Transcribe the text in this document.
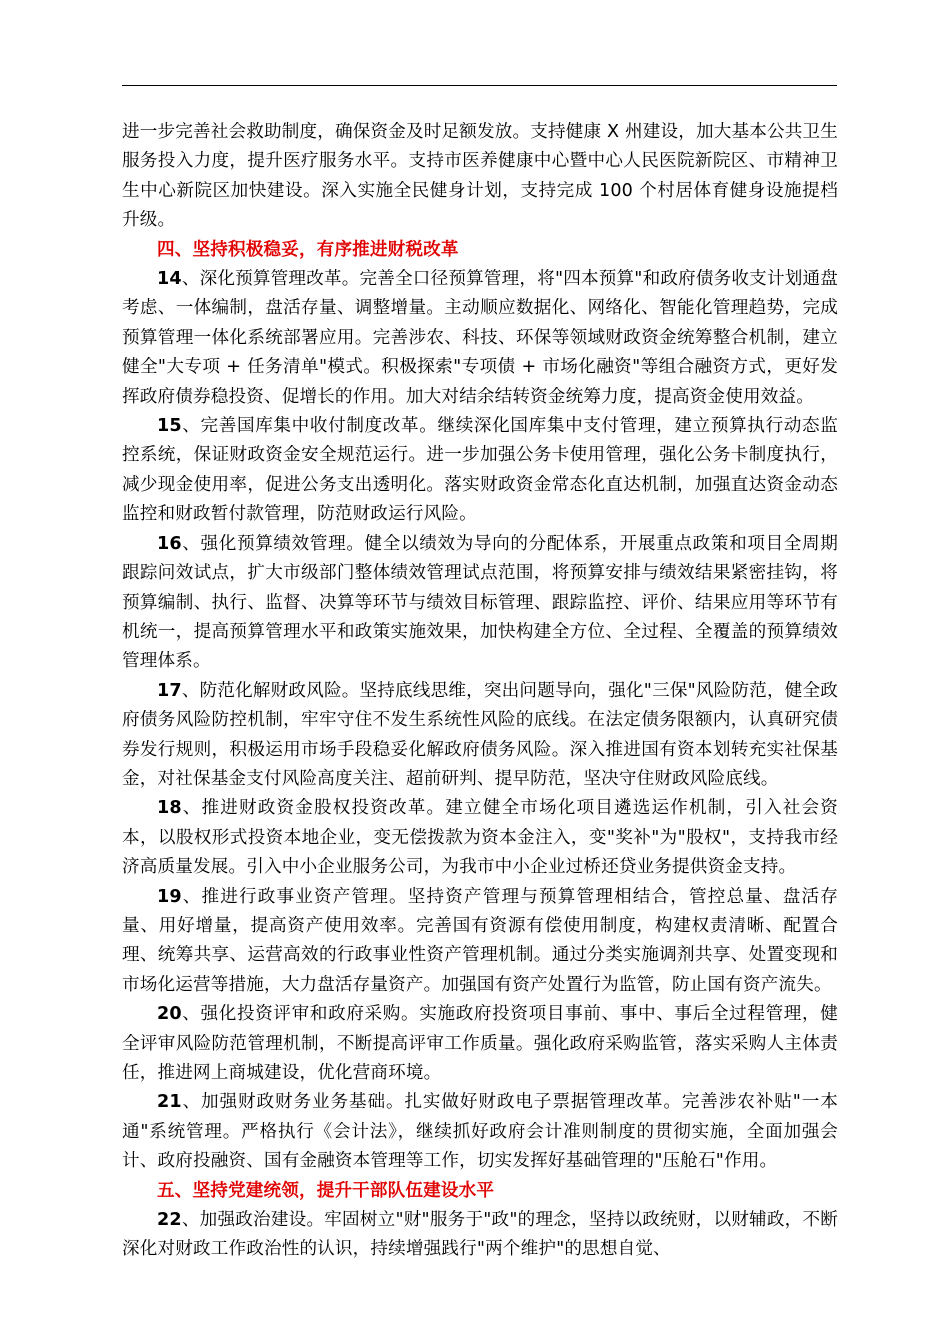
进一步完善社会救助制度，确保资金及时足额发放。支持健康 X 州建设，加大基本公共卫生服务投入力度，提升医疗服务水平。支持市医养健康中心暨中心人民医院新院区、市精神卫生中心新院区加快建设。深入实施全民健身计划，支持完成 100 个村居体育健身设施提档升级。

四、坚持积极稳妥，有序推进财税改革

14、深化预算管理改革。完善全口径预算管理，将"四本预算"和政府债务收支计划通盘考虑、一体编制，盘活存量、调整增量。主动顺应数据化、网络化、智能化管理趋势，完成预算管理一体化系统部署应用。完善涉农、科技、环保等领域财政资金统筹整合机制，建立健全"大专项 + 任务清单"模式。积极探索"专项债 + 市场化融资"等组合融资方式，更好发挥政府债券稳投资、促增长的作用。加大对结余结转资金统筹力度，提高资金使用效益。

15、完善国库集中收付制度改革。继续深化国库集中支付管理，建立预算执行动态监控系统，保证财政资金安全规范运行。进一步加强公务卡使用管理，强化公务卡制度执行，减少现金使用率，促进公务支出透明化。落实财政资金常态化直达机制，加强直达资金动态监控和财政暂付款管理，防范财政运行风险。

16、强化预算绩效管理。健全以绩效为导向的分配体系，开展重点政策和项目全周期跟踪问效试点，扩大市级部门整体绩效管理试点范围，将预算安排与绩效结果紧密挂钩，将预算编制、执行、监督、决算等环节与绩效目标管理、跟踪监控、评价、结果应用等环节有机统一，提高预算管理水平和政策实施效果，加快构建全方位、全过程、全覆盖的预算绩效管理体系。

17、防范化解财政风险。坚持底线思维，突出问题导向，强化"三保"风险防范，健全政府债务风险防控机制，牢牢守住不发生系统性风险的底线。在法定债务限额内，认真研究债券发行规则，积极运用市场手段稳妥化解政府债务风险。深入推进国有资本划转充实社保基金，对社保基金支付风险高度关注、超前研判、提早防范，坚决守住财政风险底线。

18、推进财政资金股权投资改革。建立健全市场化项目遴选运作机制，引入社会资本，以股权形式投资本地企业，变无偿拨款为资本金注入，变"奖补"为"股权"，支持我市经济高质量发展。引入中小企业服务公司，为我市中小企业过桥还贷业务提供资金支持。

19、推进行政事业资产管理。坚持资产管理与预算管理相结合，管控总量、盘活存量、用好增量，提高资产使用效率。完善国有资源有偿使用制度，构建权责清晰、配置合理、统筹共享、运营高效的行政事业性资产管理机制。通过分类实施调剂共享、处置变现和市场化运营等措施，大力盘活存量资产。加强国有资产处置行为监管，防止国有资产流失。

20、强化投资评审和政府采购。实施政府投资项目事前、事中、事后全过程管理，健全评审风险防范管理机制，不断提高评审工作质量。强化政府采购监管，落实采购人主体责任，推进网上商城建设，优化营商环境。

21、加强财政财务业务基础。扎实做好财政电子票据管理改革。完善涉农补贴"一本通"系统管理。严格执行《会计法》，继续抓好政府会计准则制度的贯彻实施，全面加强会计、政府投融资、国有金融资本管理等工作，切实发挥好基础管理的"压舱石"作用。

五、坚持党建统领，提升干部队伍建设水平

22、加强政治建设。牢固树立"财"服务于"政"的理念，坚持以政统财，以财辅政，不断深化对财政工作政治性的认识，持续增强践行"两个维护"的思想自觉、
